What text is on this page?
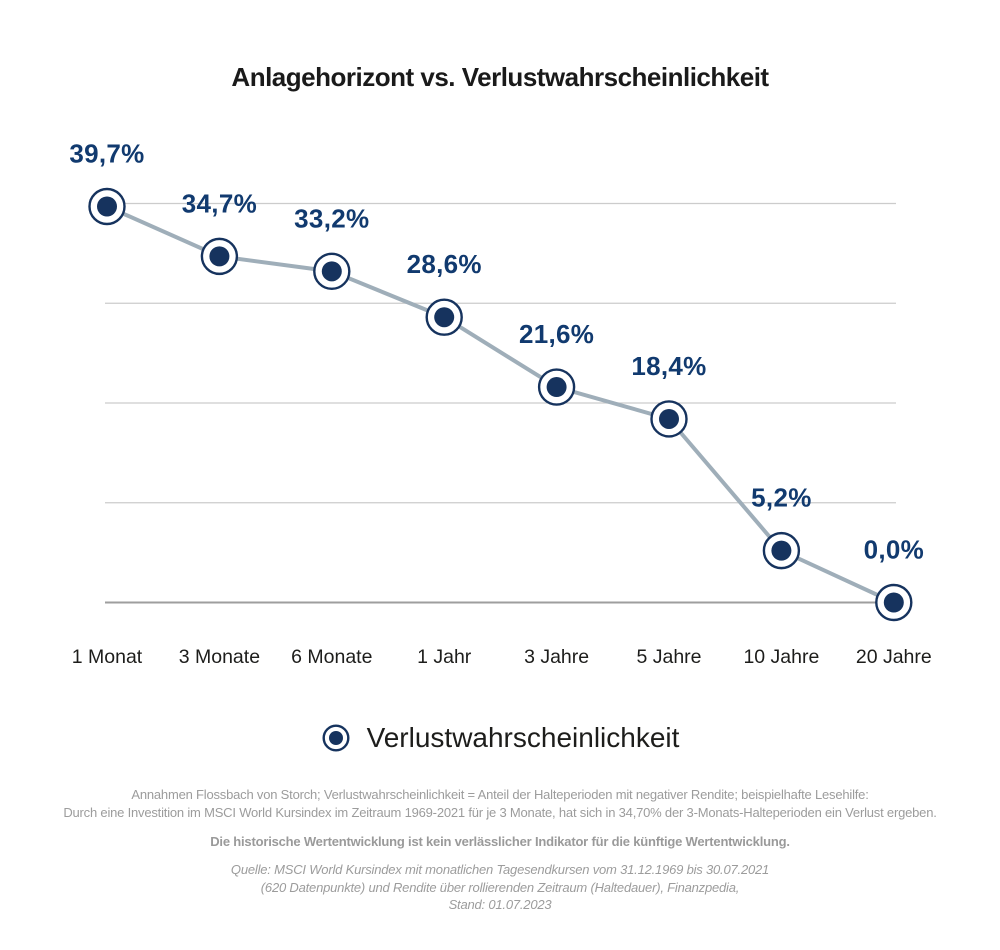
Anlagehorizont vs. Verlustwahrscheinlichkeit
39,7%
1 Monat
34,7%
3 Monate
33,2%
6 Monate
28,6%
1 Jahr
21,6%
3 Jahre
18,4%
5 Jahre
5,2%
10 Jahre
0,0%
20 Jahre
Verlustwahrscheinlichkeit
Annahmen Flossbach von Storch; Verlustwahrscheinlichkeit = Anteil der Halteperioden mit negativer Rendite; beispielhafte Lesehilfe:
Durch eine Investition im MSCI World Kursindex im Zeitraum 1969-2021 für je 3 Monate, hat sich in 34,70% der 3-Monats-Halteperioden ein Verlust ergeben.
Die historische Wertentwicklung ist kein verlässlicher Indikator für die künftige Wertentwicklung.
Quelle: MSCI World Kursindex mit monatlichen Tagesendkursen vom 31.12.1969 bis 30.07.2021
(620 Datenpunkte) und Rendite über rollierenden Zeitraum (Haltedauer), Finanzpedia,
Stand: 01.07.2023
